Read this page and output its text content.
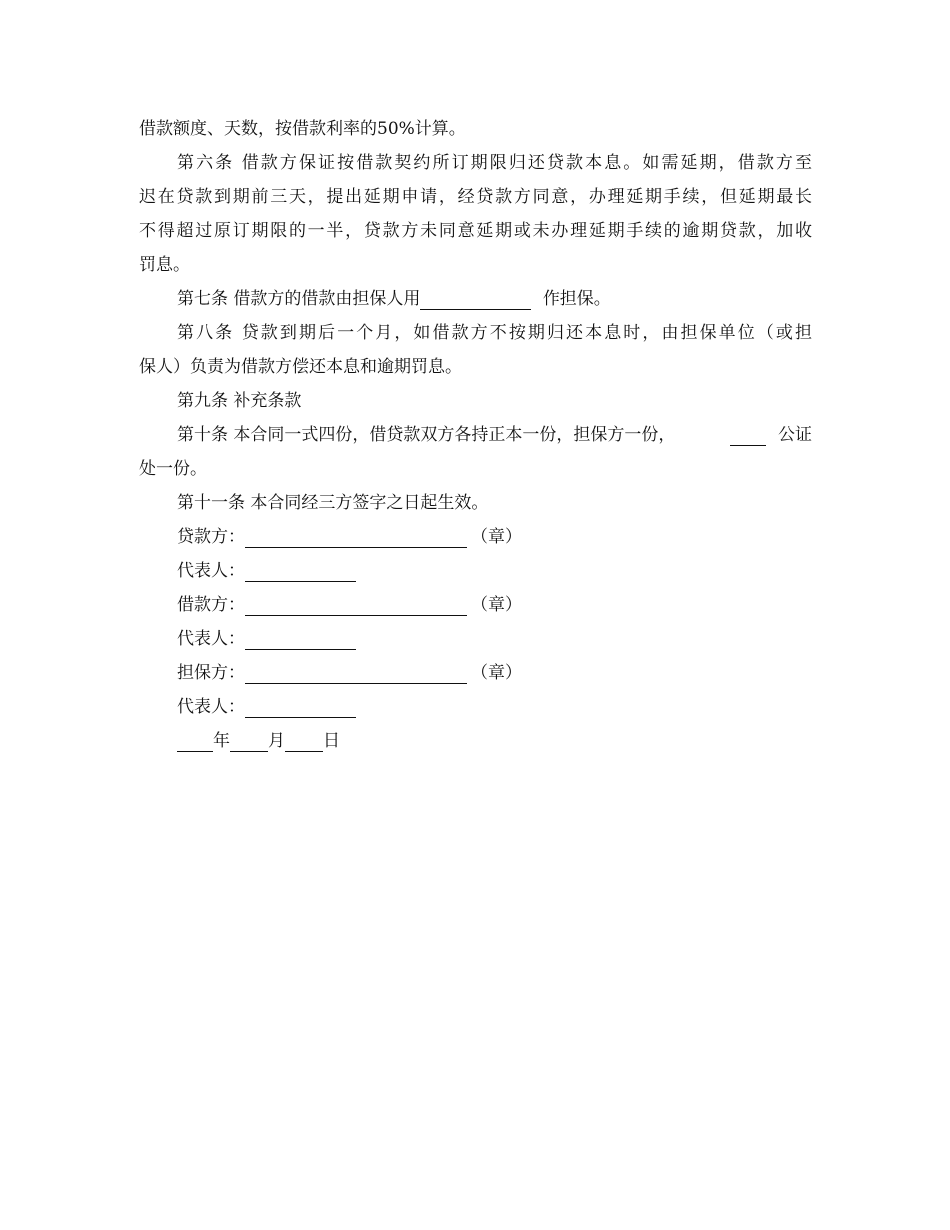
借款额度、天数，按借款利率的50%计算。
第六条 借款方保证按借款契约所订期限归还贷款本息。如需延期，借款方至
迟在贷款到期前三天，提出延期申请，经贷款方同意，办理延期手续，但延期最长
不得超过原订期限的一半，贷款方未同意延期或未办理延期手续的逾期贷款，加收
罚息。
第七条 借款方的借款由担保人用	作担保。
第八条 贷款到期后一个月，如借款方不按期归还本息时，由担保单位（或担
保人）负责为借款方偿还本息和逾期罚息。
第九条 补充条款
第十条 本合同一式四份，借贷款双方各持正本一份，担保方一份，	公证
处一份。
第十一条 本合同经三方签字之日起生效。
贷款方：	（章）
代表人：
借款方：	（章）
代表人：
担保方：	（章）
代表人：
年 月 日
